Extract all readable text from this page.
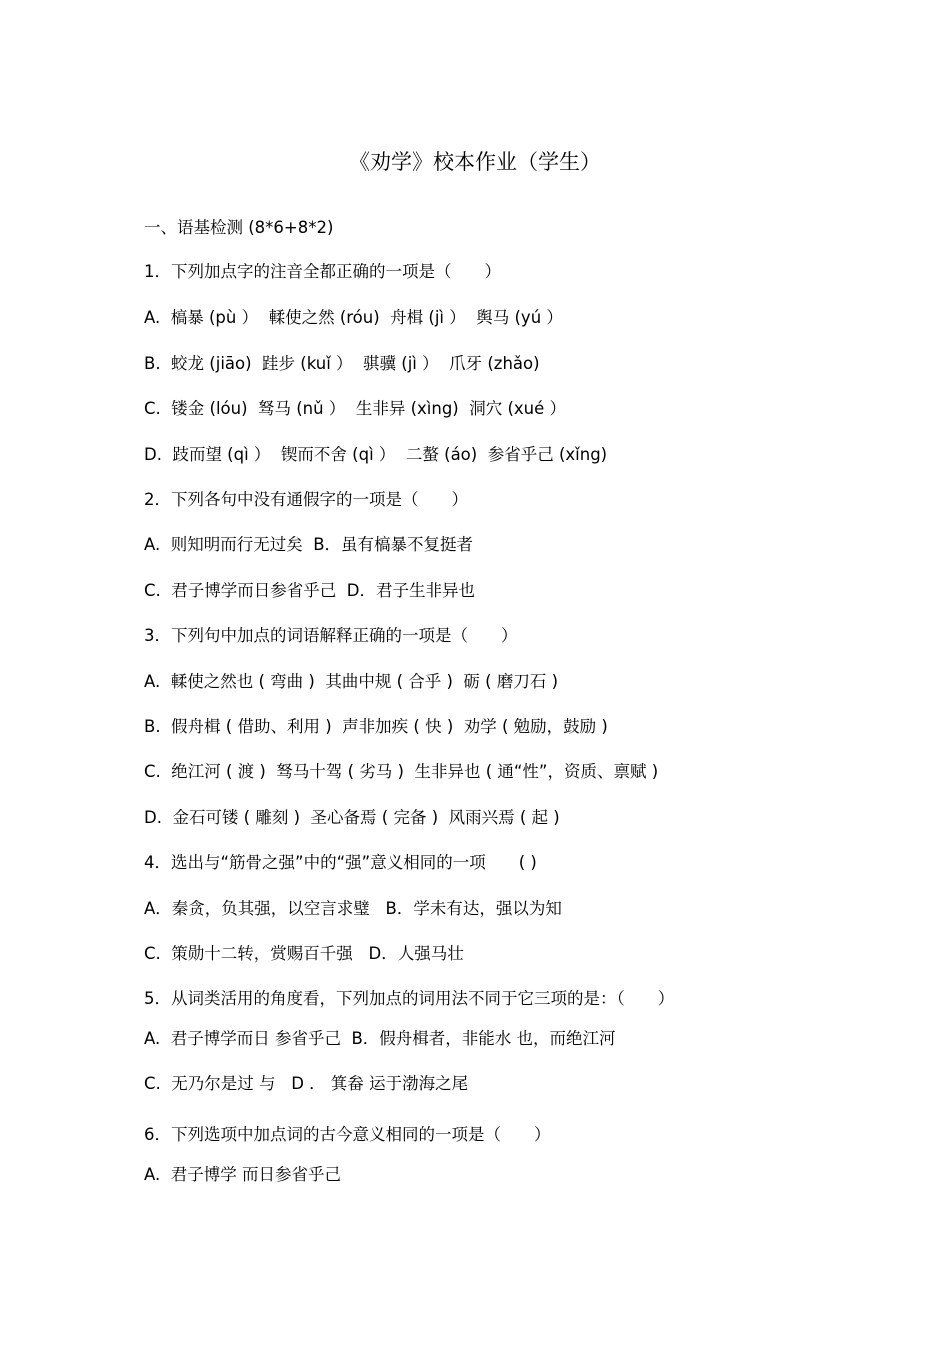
《劝学》校本作业（学生）
一、语基检测 (8*6+8*2)
1．下列加点字的注音全都正确的一项是（　　）
A.  槁暴 (pù ）  輮使之然 (róu)  舟楫 (jì ）  舆马 (yú ）
B.  蛟龙 (jiāo)  跬步 (kuǐ ）  骐骥 (jì ）  爪牙 (zhǎo)
C.  镂金 (lóu)  驽马 (nǔ ）  生非异 (xìng)  洞穴 (xué ）
D.  跂而望 (qì ）  锲而不舍 (qì ）  二螯 (áo)  参省乎己 (xǐng)
2．下列各句中没有通假字的一项是（　　）
A.  则知明而行无过矣  B．虽有槁暴不复挺者
C.  君子博学而日参省乎己  D．君子生非异也
3．下列句中加点的词语解释正确的一项是（　　）
A.  輮使之然也 ( 弯曲 )  其曲中规 ( 合乎 )  砺 ( 磨刀石 )
B.  假舟楫 ( 借助、利用 )  声非加疾 ( 快 )  劝学 ( 勉励，鼓励 )
C.  绝江河 ( 渡 )  驽马十驾 ( 劣马 )  生非异也 ( 通“性”，资质、禀赋 )
D.  金石可镂 ( 雕刻 )  圣心备焉 ( 完备 )  风雨兴焉 ( 起 )
4．选出与“筋骨之强”中的“强”意义相同的一项　　( )
A．秦贪，负其强，以空言求璧   B．学未有达，强以为知
C.  策勋十二转，赏赐百千强   D．人强马壮
5．从词类活用的角度看，下列加点的词用法不同于它三项的是：（　　）
A.  君子博学而日 参省乎己  B．假舟楫者，非能水 也，而绝江河
C.  无乃尔是过 与   D ． 箕畚 运于渤海之尾
6．下列选项中加点词的古今意义相同的一项是（　　）
A.  君子博学 而日参省乎己
